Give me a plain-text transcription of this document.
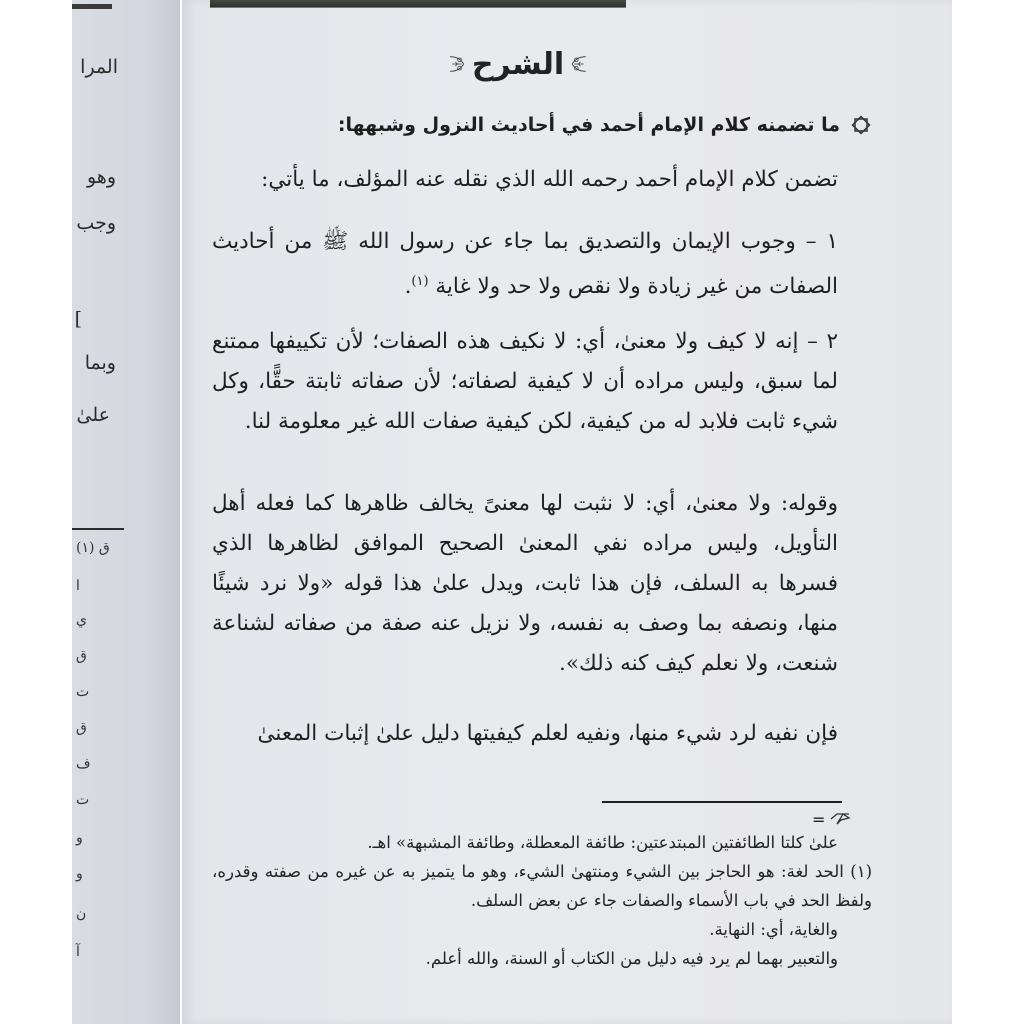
المرا
وهو
وجب
]
وبما
علىٰ
(١) ق
ا
ي
ق
ت
ق
ف
ت
و
و
ن
آ
الشرح
ما تضمنه كلام الإمام أحمد في أحاديث النزول وشبهها:

تضمن كلام الإمام أحمد رحمه الله الذي نقله عنه المؤلف، ما يأتي:

١ – وجوب الإيمان والتصديق بما جاء عن رسول الله ﷺ من أحاديث الصفات من غير زيادة ولا نقص ولا حد ولا غاية $^{(١)}$.

٢ – إنه لا كيف ولا معنىٰ، أي: لا نكيف هذه الصفات؛ لأن تكييفها ممتنع لما سبق، وليس مراده أن لا كيفية لصفاته؛ لأن صفاته ثابتة حقًّا، وكل شيء ثابت فلابد له من كيفية، لكن كيفية صفات الله غير معلومة لنا.

وقوله: ولا معنىٰ، أي: لا نثبت لها معنىً يخالف ظاهرها كما فعله أهل التأويل، وليس مراده نفي المعنىٰ الصحيح الموافق لظاهرها الذي فسرها به السلف، فإن هذا ثابت، ويدل علىٰ هذا قوله «ولا نرد شيئًا منها، ونصفه بما وصف به نفسه، ولا نزيل عنه صفة من صفاته لشناعة شنعت، ولا نعلم كيف كنه ذلك».

فإن نفيه لرد شيء منها، ونفيه لعلم كيفيتها دليل علىٰ إثبات المعنىٰ

=

علىٰ كلتا الطائفتين المبتدعتين: طائفة المعطلة، وطائفة المشبهة» اهـ.

(١) الحد لغة: هو الحاجز بين الشيء ومنتهىٰ الشيء، وهو ما يتميز به عن غيره من صفته وقدره، ولفظ الحد في باب الأسماء والصفات جاء عن بعض السلف.

والغاية، أي: النهاية.

والتعبير بهما لم يرد فيه دليل من الكتاب أو السنة، والله أعلم.
